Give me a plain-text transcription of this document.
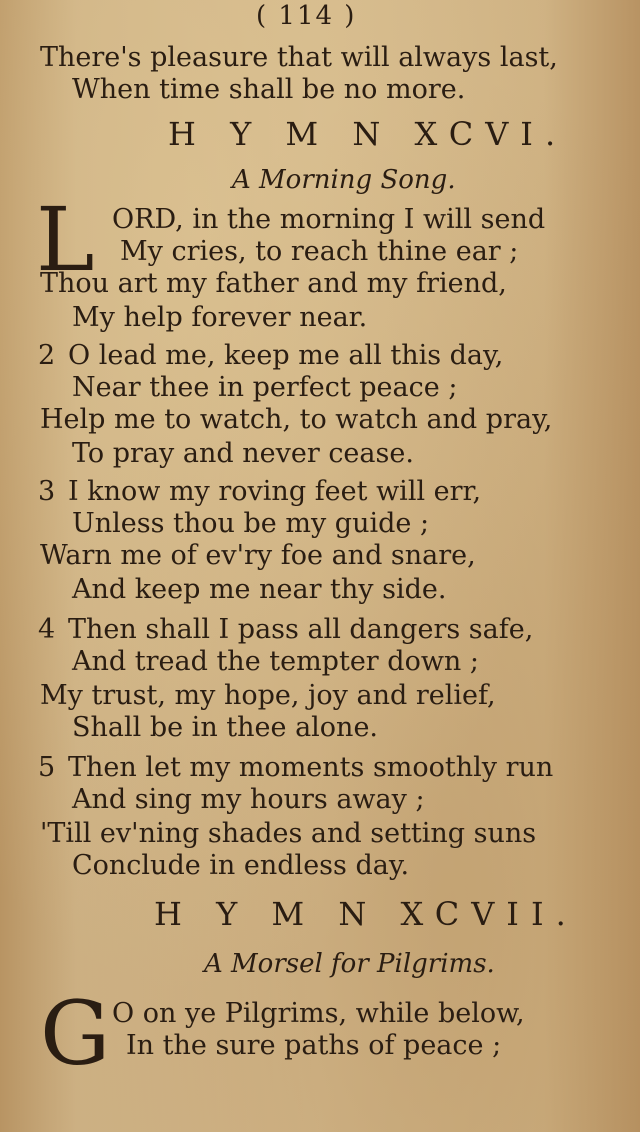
( 114 )
There's pleasure that will always last,
When time shall be no more.
H Y M N XCVI.
A Morning Song.
L ORD, in the morning I will send
My cries, to reach thine ear ;
Thou art my father and my friend,
My help forever near.
2 O lead me, keep me all this day,
Near thee in perfect peace ;
Help me to watch, to watch and pray,
To pray and never cease.
3 I know my roving feet will err,
Unless thou be my guide ;
Warn me of ev'ry foe and snare,
And keep me near thy side.
4 Then shall I pass all dangers safe,
And tread the tempter down ;
My trust, my hope, joy and relief,
Shall be in thee alone.
5 Then let my moments smoothly run
And sing my hours away ;
'Till ev'ning shades and setting suns
Conclude in endless day.
H Y M N XCVII.
A Morsel for Pilgrims.
G O on ye Pilgrims, while below,
In the sure paths of peace ;
